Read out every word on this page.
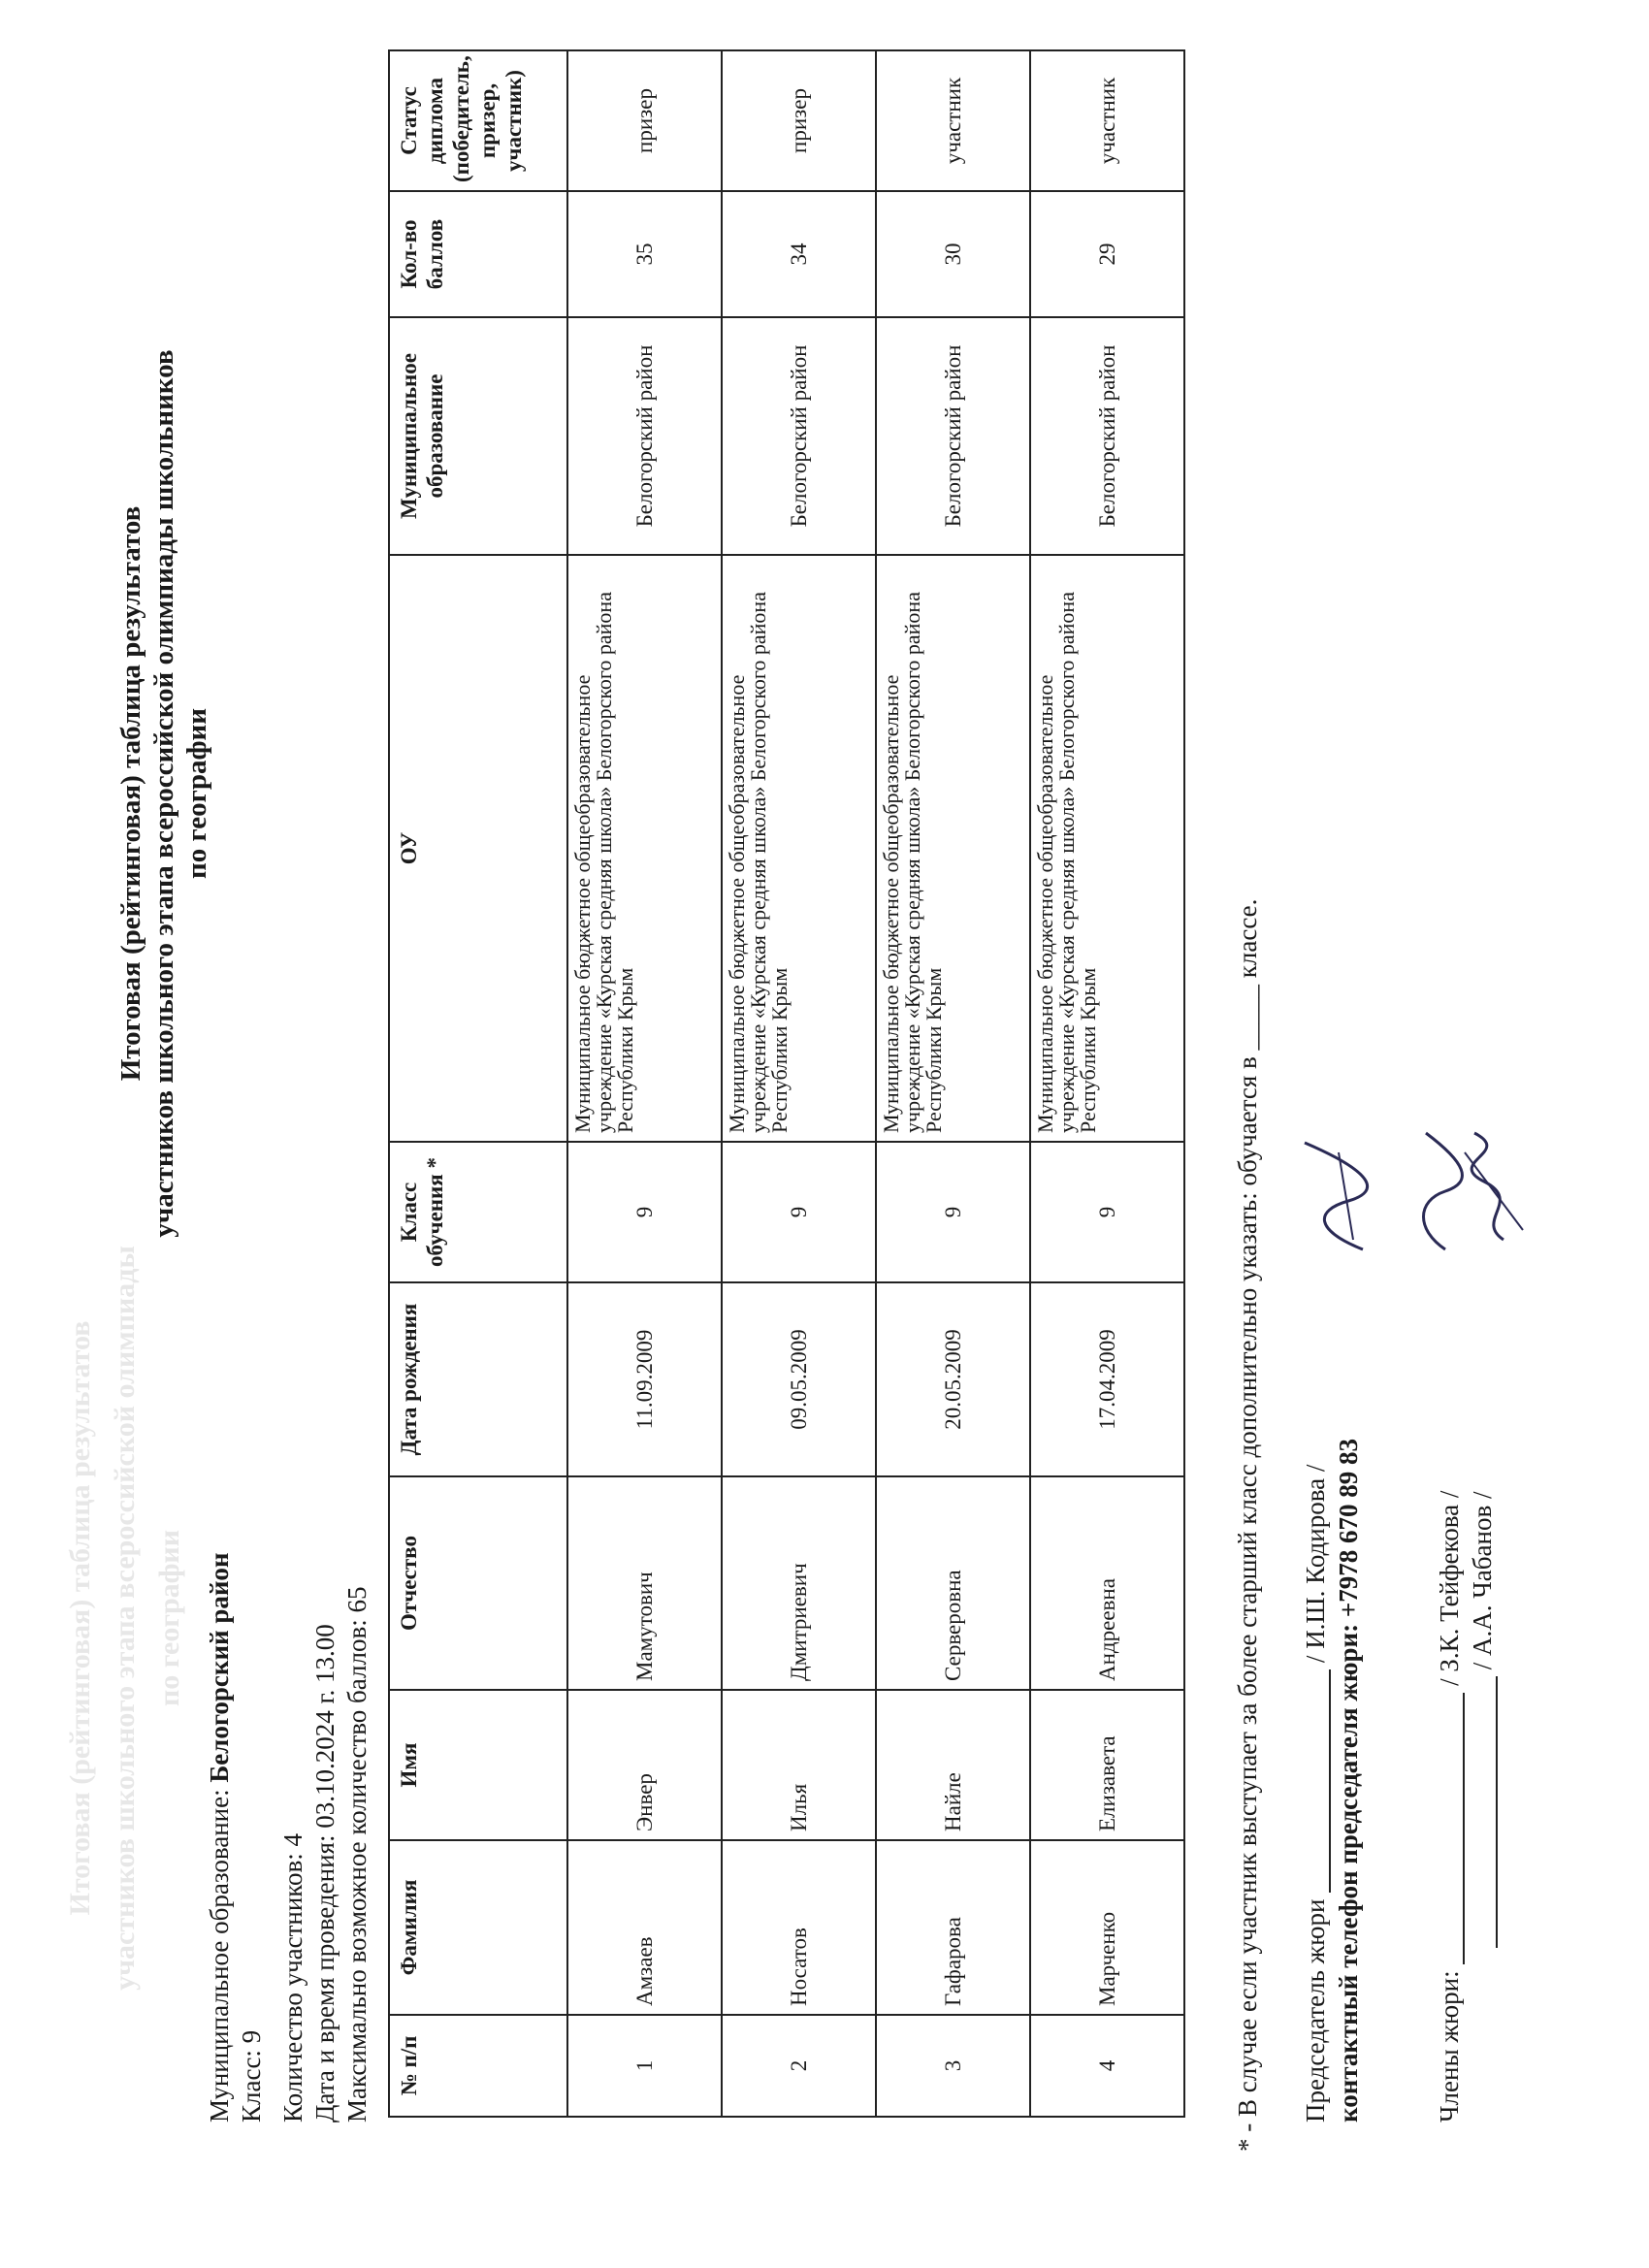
Итоговая (рейтинговая) таблица результатов участников школьного этапа всероссийской олимпиады по географии
Итоговая (рейтинговая) таблица результатов участников школьного этапа всероссийской олимпиады школьников по географии
Муниципальное образование: Белогорский район
Класс: 9 Количество участников: 4 Дата и время проведения: 03.10.2024 г. 13.00 Максимально возможное количество баллов: 65 № п/п	Фамилия	Имя	Отчество	Дата рождения	Класс обучения *	ОУ	Муниципальное образование	Кол-во баллов	Статус диплома (победитель, призер, участник)
1	Амзаев	Энвер	Мамутович	11.09.2009	9	Муниципальное бюджетное общеобразовательное учреждение «Курская средняя школа» Белогорского района Республики Крым	Белогорский район	35	призер
2	Носатов	Илья	Дмитриевич	09.05.2009	9	Муниципальное бюджетное общеобразовательное учреждение «Курская средняя школа» Белогорского района Республики Крым	Белогорский район	34	призер
3	Гафарова	Найле	Серверовна	20.05.2009	9	Муниципальное бюджетное общеобразовательное учреждение «Курская средняя школа» Белогорского района Республики Крым	Белогорский район	30	участник
4	Марченко	Елизавета	Андреевна	17.04.2009	9	Муниципальное бюджетное общеобразовательное учреждение «Курская средняя школа» Белогорского района Республики Крым	Белогорский район	29	участник
* - В случае если участник выступает за более старший класс дополнительно указать: обучается в _____ классе. Председатель жюри  / И.Ш. Кодирова / контактный телефон председателя жюри: +7978 670 89 83	Члены жюри:  / З.К. Тейфекова / / А.А. Чабанов /
